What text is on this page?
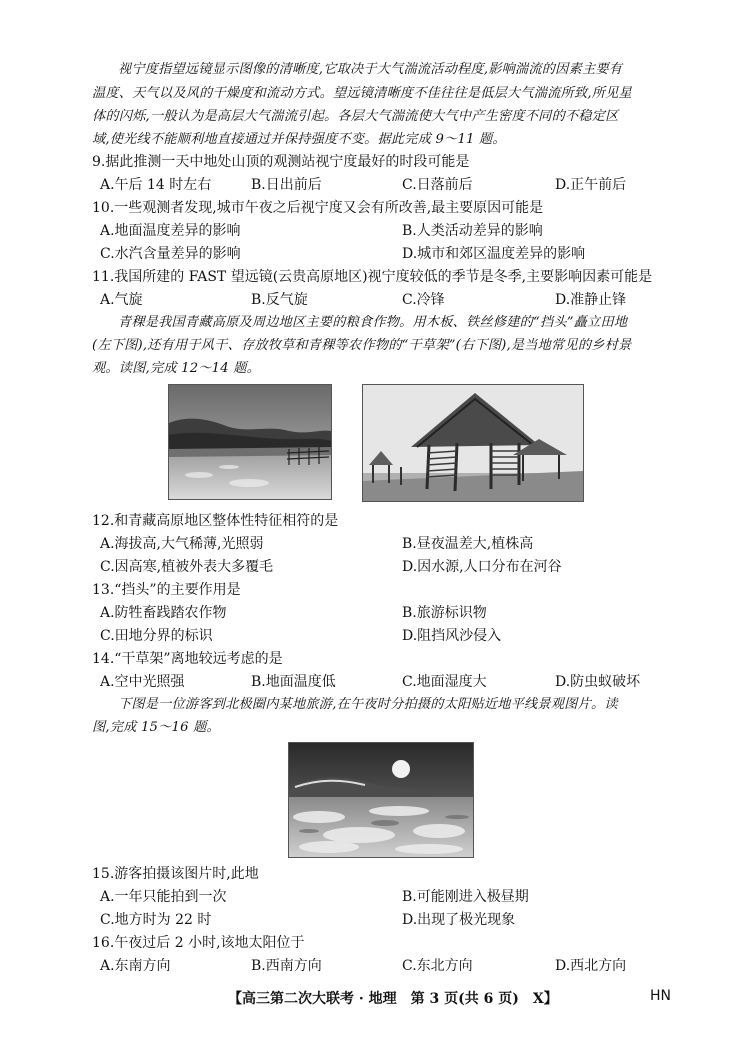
视宁度指望远镜显示图像的清晰度,它取决于大气湍流活动程度,影响湍流的因素主要有
温度、天气以及风的干燥度和流动方式。望远镜清晰度不佳往往是低层大气湍流所致,所见星
体的闪烁,一般认为是高层大气湍流引起。各层大气湍流使大气中产生密度不同的不稳定区
域,使光线不能顺利地直接通过并保持强度不变。据此完成 9～11 题。
9.据此推测一天中地处山顶的观测站视宁度最好的时段可能是
A.午后 14 时左右	B.日出前后	C.日落前后	D.正午前后
10.一些观测者发现,城市午夜之后视宁度又会有所改善,最主要原因可能是
A.地面温度差异的影响	B.人类活动差异的影响
C.水汽含量差异的影响	D.城市和郊区温度差异的影响
11.我国所建的 FAST 望远镜(云贵高原地区)视宁度较低的季节是冬季,主要影响因素可能是
A.气旋	B.反气旋	C.冷锋	D.准静止锋
青稞是我国青藏高原及周边地区主要的粮食作物。用木板、铁丝修建的“挡头”矗立田地
(左下图),还有用于风干、存放牧草和青稞等农作物的“干草架”(右下图),是当地常见的乡村景
观。读图,完成 12～14 题。
12.和青藏高原地区整体性特征相符的是
A.海拔高,大气稀薄,光照弱	B.昼夜温差大,植株高
C.因高寒,植被外表大多覆毛	D.因水源,人口分布在河谷
13.“挡头”的主要作用是
A.防牲畜践踏农作物	B.旅游标识物
C.田地分界的标识	D.阻挡风沙侵入
14.“干草架”离地较远考虑的是
A.空中光照强	B.地面温度低	C.地面湿度大	D.防虫蚁破坏
下图是一位游客到北极圈内某地旅游,在午夜时分拍摄的太阳贴近地平线景观图片。读
图,完成 15～16 题。
15.游客拍摄该图片时,此地
A.一年只能拍到一次	B.可能刚进入极昼期
C.地方时为 22 时	D.出现了极光现象
16.午夜过后 2 小时,该地太阳位于
A.东南方向	B.西南方向	C.东北方向	D.西北方向
【高三第二次大联考 · 地理　第 3 页(共 6 页)　X】	HN
